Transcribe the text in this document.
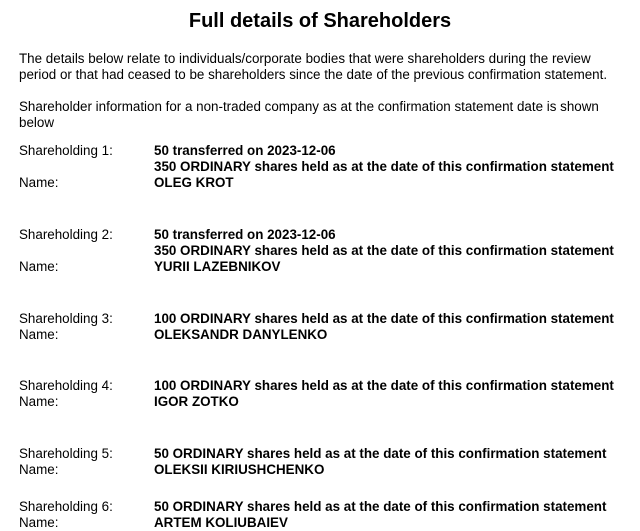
Full details of Shareholders

The details below relate to individuals/corporate bodies that were shareholders during the review period or that had ceased to be shareholders since the date of the previous confirmation statement.

Shareholder information for a non-traded company as at the confirmation statement date is shown below

Shareholding 1:	50 transferred on 2023-12-06
350 ORDINARY shares held as at the date of this confirmation statement
Name:	OLEG KROT
Shareholding 2:	50 transferred on 2023-12-06
350 ORDINARY shares held as at the date of this confirmation statement
Name:	YURII LAZEBNIKOV
Shareholding 3:	100 ORDINARY shares held as at the date of this confirmation statement
Name:	OLEKSANDR DANYLENKO
Shareholding 4:	100 ORDINARY shares held as at the date of this confirmation statement
Name:	IGOR ZOTKO
Shareholding 5:	50 ORDINARY shares held as at the date of this confirmation statement
Name:	OLEKSII KIRIUSHCHENKO
Shareholding 6:	50 ORDINARY shares held as at the date of this confirmation statement
Name:	ARTEM KOLIUBAIEV
